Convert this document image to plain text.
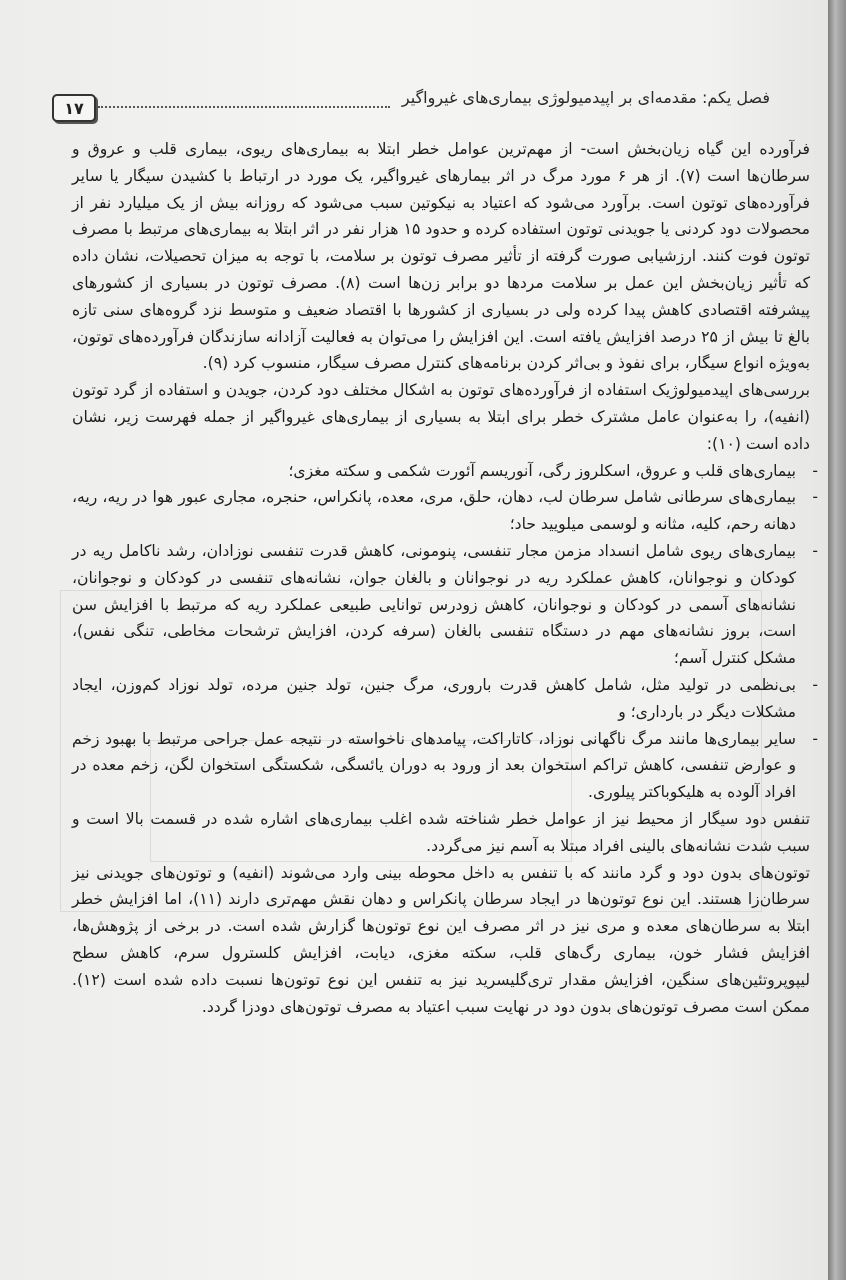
فصل یکم: مقدمه‌ای بر اپیدمیولوژی بیماری‌های غیرواگیر
۱۷

فرآورده این گیاه زیان‌بخش است- از مهم‌ترین عوامل خطر ابتلا به بیماری‌های ریوی، بیماری قلب و عروق و سرطان‌ها است (۷). از هر ۶ مورد مرگ در اثر بیمارهای غیرواگیر، یک مورد در ارتباط با کشیدن سیگار یا سایر فرآورده‌های توتون است. برآورد می‌شود که اعتیاد به نیکوتین سبب می‌شود که روزانه بیش از یک میلیارد نفر از محصولات دود کردنی یا جویدنی توتون استفاده کرده و حدود ۱۵ هزار نفر در اثر ابتلا به بیماری‌های مرتبط با مصرف توتون فوت کنند. ارزشیابی صورت گرفته از تأثیر مصرف توتون بر سلامت، با توجه به میزان تحصیلات، نشان داده که تأثیر زیان‌بخش این عمل بر سلامت مردها دو برابر زن‌ها است (۸). مصرف توتون در بسیاری از کشورهای پیشرفته اقتصادی کاهش پیدا کرده ولی در بسیاری از کشورها با اقتصاد ضعیف و متوسط نزد گروه‌های سنی تازه بالغ تا بیش از ۲۵ درصد افزایش یافته است. این افزایش را می‌توان به فعالیت آزادانه سازندگان فرآورده‌های توتون، به‌ویژه انواع سیگار، برای نفوذ و بی‌اثر کردن برنامه‌های کنترل مصرف سیگار، منسوب کرد (۹).

بررسی‌های اپیدمیولوژیک استفاده از فرآورده‌های توتون به اشکال مختلف دود کردن، جویدن و استفاده از گرد توتون (انفیه)، را به‌عنوان عامل مشترک خطر برای ابتلا به بسیاری از بیماری‌های غیرواگیر از جمله فهرست زیر، نشان داده است (۱۰):

-
بیماری‌های قلب و عروق، اسکلروز رگی، آنوریسم آئورت شکمی و سکته مغزی؛
-
بیماری‌های سرطانی شامل سرطان لب، دهان، حلق، مری، معده، پانکراس، حنجره، مجاری عبور هوا در ریه، ریه، دهانه رحم، کلیه، مثانه و لوسمی میلویید حاد؛
-
بیماری‌های ریوی شامل انسداد مزمن مجار تنفسی، پنومونی، کاهش قدرت تنفسی نوزادان، رشد ناکامل ریه در کودکان و نوجوانان، کاهش عملکرد ریه در نوجوانان و بالغان جوان، نشانه‌های تنفسی در کودکان و نوجوانان، نشانه‌های آسمی در کودکان و نوجوانان، کاهش زودرس توانایی طبیعی عملکرد ریه که مرتبط با افزایش سن است، بروز نشانه‌های مهم در دستگاه تنفسی بالغان (سرفه کردن، افزایش ترشحات مخاطی، تنگی نفس)، مشکل کنترل آسم؛
-
بی‌نظمی در تولید مثل، شامل کاهش قدرت باروری، مرگ جنین، تولد جنین مرده، تولد نوزاد کم‌وزن، ایجاد مشکلات دیگر در بارداری؛ و
-
سایر بیماری‌ها مانند مرگ ناگهانی نوزاد، کاتاراکت، پیامدهای ناخواسته در نتیجه عمل جراحی مرتبط با بهبود زخم و عوارض تنفسی، کاهش تراکم استخوان بعد از ورود به دوران یائسگی، شکستگی استخوان لگن، زخم معده در افراد آلوده به هلیکوباکتر پیلوری.

تنفس دود سیگار از محیط نیز از عوامل خطر شناخته شده اغلب بیماری‌های اشاره شده در قسمت بالا است و سبب شدت نشانه‌های بالینی افراد مبتلا به آسم نیز می‌گردد.

توتون‌های بدون دود و گرد مانند که با تنفس به داخل محوطه بینی وارد می‌شوند (انفیه) و توتون‌های جویدنی نیز سرطان‌زا هستند. این نوع توتون‌ها در ایجاد سرطان پانکراس و دهان نقش مهم‌تری دارند (۱۱)، اما افزایش خطر ابتلا به سرطان‌های معده و مری نیز در اثر مصرف این نوع توتون‌ها گزارش شده است. در برخی از پژوهش‌ها، افزایش فشار خون، بیماری رگ‌های قلب، سکته مغزی، دیابت، افزایش کلسترول سرم، کاهش سطح لیپوپروتئین‌های سنگین، افزایش مقدار تری‌گلیسرید نیز به تنفس این نوع توتون‌ها نسبت داده شده است (۱۲). ممکن است مصرف توتون‌های بدون دود در نهایت سبب اعتیاد به مصرف توتون‌های دودزا گردد.
